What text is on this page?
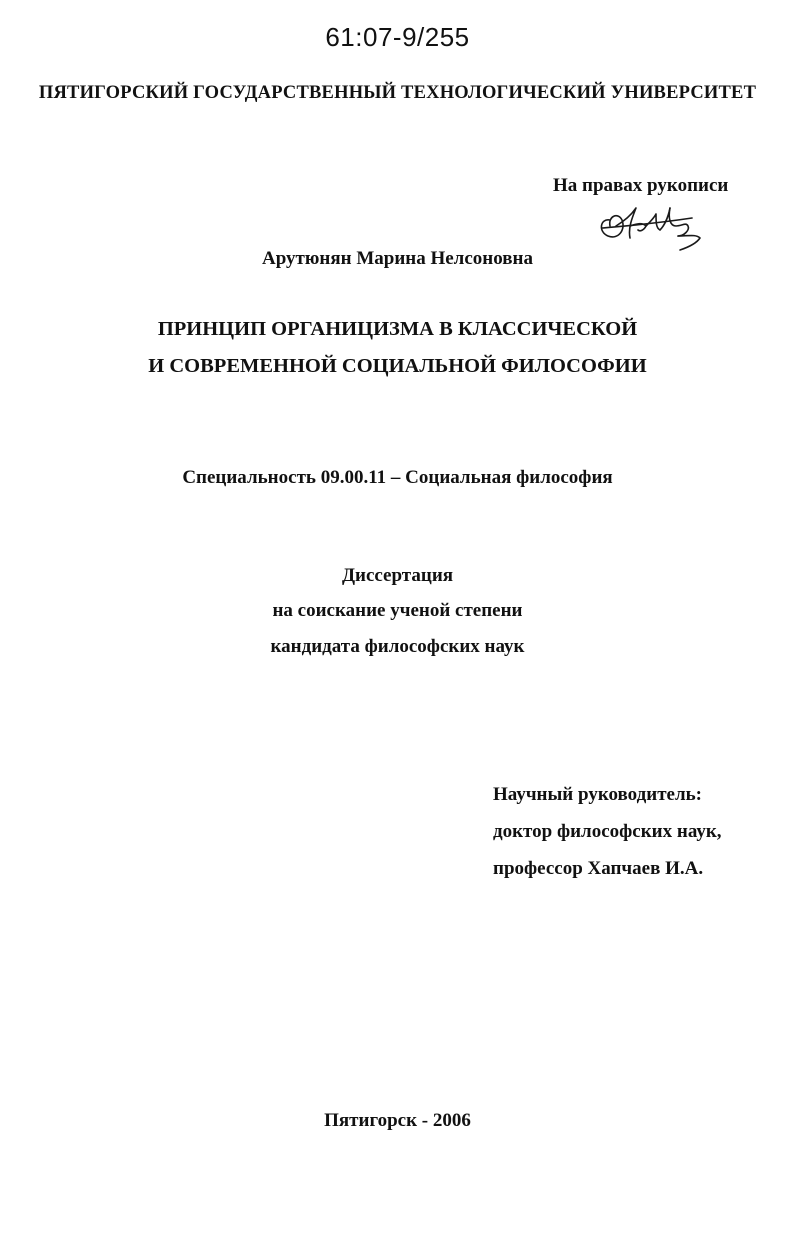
61:07-9/255
ПЯТИГОРСКИЙ ГОСУДАРСТВЕННЫЙ ТЕХНОЛОГИЧЕСКИЙ УНИВЕРСИТЕТ
На правах рукописи
Арутюнян Марина Нелсоновна
ПРИНЦИП ОРГАНИЦИЗМА В КЛАССИЧЕСКОЙ
И СОВРЕМЕННОЙ СОЦИАЛЬНОЙ ФИЛОСОФИИ
Специальность 09.00.11 – Социальная философия
Диссертация
на соискание ученой степени
кандидата философских наук
Научный руководитель:
доктор философских наук,
профессор Хапчаев И.А.
Пятигорск - 2006
